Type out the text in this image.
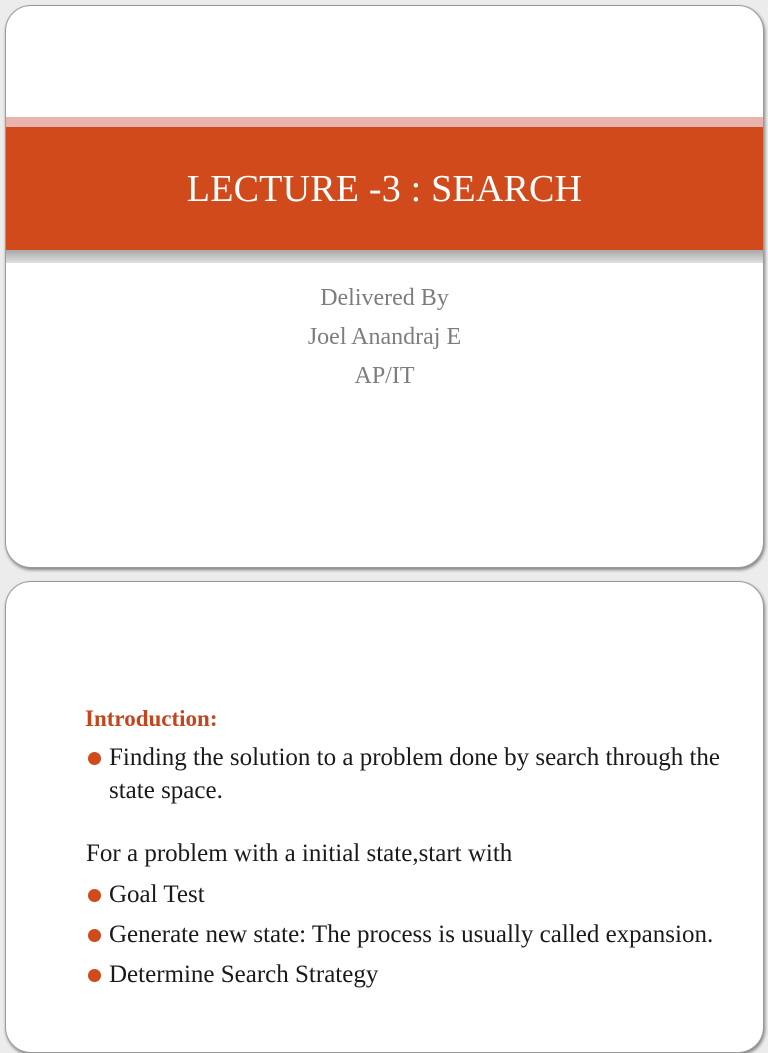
LECTURE -3 : SEARCH
Delivered By
Joel Anandraj E
AP/IT
Introduction:
Finding the solution to a problem done by search through the state space.
For a problem with a initial state,start with
Goal Test
Generate new state: The process is usually called expansion.
Determine Search Strategy
